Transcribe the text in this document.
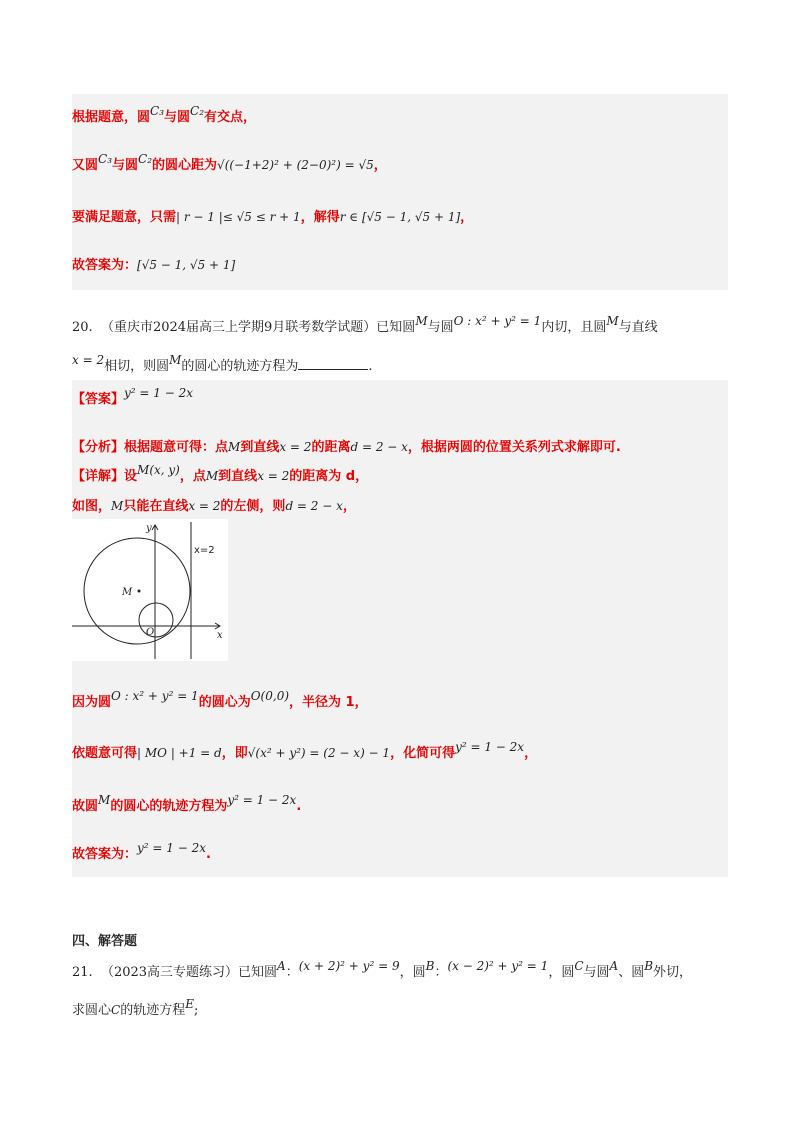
根据题意，圆C₃与圆C₂有交点，
又圆C₃与圆C₂的圆心距为√((−1+2)² + (2−0)²) = √5，
要满足题意，只需| r − 1 |≤ √5 ≤ r + 1，解得r ∈ [√5 − 1, √5 + 1]，
故答案为：[√5 − 1, √5 + 1]
20. （重庆市2024届高三上学期9月联考数学试题）已知圆M与圆O : x² + y² = 1内切，且圆M与直线
x = 2相切，则圆M的圆心的轨迹方程为	.
【答案】y² = 1 − 2x
【分析】根据题意可得：点M到直线x = 2的距离d = 2 − x，根据两圆的位置关系列式求解即可.
【详解】设M(x, y)，点M到直线x = 2的距离为 d，
如图，M只能在直线x = 2的左侧，则d = 2 − x，
因为圆O : x² + y² = 1的圆心为O(0,0)，半径为 1，
依题意可得| MO | +1 = d，即√(x² + y²) = (2 − x) − 1，化简可得y² = 1 − 2x，
故圆M的圆心的轨迹方程为y² = 1 − 2x.
故答案为：y² = 1 − 2x.
M
O
y
x
x=2
四、解答题
21. （2023高三专题练习）已知圆A：(x + 2)² + y² = 9，圆B：(x − 2)² + y² = 1，圆C与圆A、圆B外切，
求圆心C的轨迹方程E;
